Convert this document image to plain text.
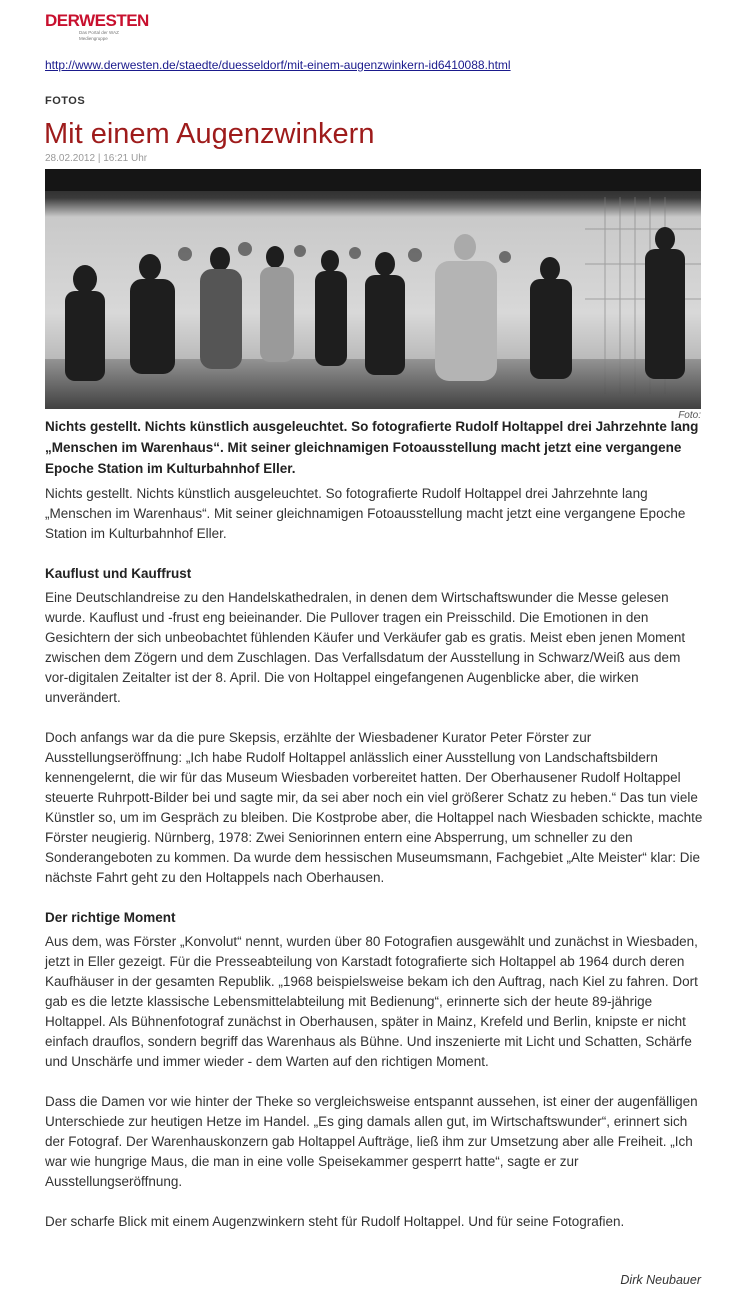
DERWESTEN
Das Portal der WAZ Mediengruppe
http://www.derwesten.de/staedte/duesseldorf/mit-einem-augenzwinkern-id6410088.html
FOTOS
Mit einem Augenzwinkern
28.02.2012 | 16:21 Uhr
Foto:

Nichts gestellt. Nichts künstlich ausgeleuchtet. So fotografierte Rudolf Holtappel drei Jahrzehnte lang „Menschen im Warenhaus“. Mit seiner gleichnamigen Fotoausstellung macht jetzt eine vergangene Epoche Station im Kulturbahnhof Eller.

Nichts gestellt. Nichts künstlich ausgeleuchtet. So fotografierte Rudolf Holtappel drei Jahrzehnte lang „Menschen im Warenhaus“. Mit seiner gleichnamigen Fotoausstellung macht jetzt eine vergangene Epoche Station im Kulturbahnhof Eller.

Kauflust und Kauffrust

Eine Deutschlandreise zu den Handelskathedralen, in denen dem Wirtschaftswunder die Messe gelesen wurde. Kauflust und -frust eng beieinander. Die Pullover tragen ein Preisschild. Die Emotionen in den Gesichtern der sich unbeobachtet fühlenden Käufer und Verkäufer gab es gratis. Meist eben jenen Moment zwischen dem Zögern und dem Zuschlagen. Das Verfallsdatum der Ausstellung in Schwarz/Weiß aus dem vor-digitalen Zeitalter ist der 8. April. Die von Holtappel eingefangenen Augenblicke aber, die wirken unverändert.

Doch anfangs war da die pure Skepsis, erzählte der Wiesbadener Kurator Peter Förster zur Ausstellungseröffnung: „Ich habe Rudolf Holtappel anlässlich einer Ausstellung von Landschaftsbildern kennengelernt, die wir für das Museum Wiesbaden vorbereitet hatten. Der Oberhausener Rudolf Holtappel steuerte Ruhrpott-Bilder bei und sagte mir, da sei aber noch ein viel größerer Schatz zu heben.“ Das tun viele Künstler so, um im Gespräch zu bleiben. Die Kostprobe aber, die Holtappel nach Wiesbaden schickte, machte Förster neugierig. Nürnberg, 1978: Zwei Seniorinnen entern eine Absperrung, um schneller zu den Sonderangeboten zu kommen. Da wurde dem hessischen Museumsmann, Fachgebiet „Alte Meister“ klar: Die nächste Fahrt geht zu den Holtappels nach Oberhausen.

Der richtige Moment

Aus dem, was Förster „Konvolut“ nennt, wurden über 80 Fotografien ausgewählt und zunächst in Wiesbaden, jetzt in Eller gezeigt. Für die Presseabteilung von Karstadt fotografierte sich Holtappel ab 1964 durch deren Kaufhäuser in der gesamten Republik. „1968 beispielsweise bekam ich den Auftrag, nach Kiel zu fahren. Dort gab es die letzte klassische Lebensmittelabteilung mit Bedienung“, erinnerte sich der heute 89-jährige Holtappel. Als Bühnenfotograf zunächst in Oberhausen, später in Mainz, Krefeld und Berlin, knipste er nicht einfach drauflos, sondern begriff das Warenhaus als Bühne. Und inszenierte mit Licht und Schatten, Schärfe und Unschärfe und immer wieder - dem Warten auf den richtigen Moment.

Dass die Damen vor wie hinter der Theke so vergleichsweise entspannt aussehen, ist einer der augenfälligen Unterschiede zur heutigen Hetze im Handel. „Es ging damals allen gut, im Wirtschaftswunder“, erinnert sich der Fotograf. Der Warenhauskonzern gab Holtappel Aufträge, ließ ihm zur Umsetzung aber alle Freiheit. „Ich war wie hungrige Maus, die man in eine volle Speisekammer gesperrt hatte“, sagte er zur Ausstellungseröffnung.

Der scharfe Blick mit einem Augenzwinkern steht für Rudolf Holtappel. Und für seine Fotografien.

Dirk Neubauer
